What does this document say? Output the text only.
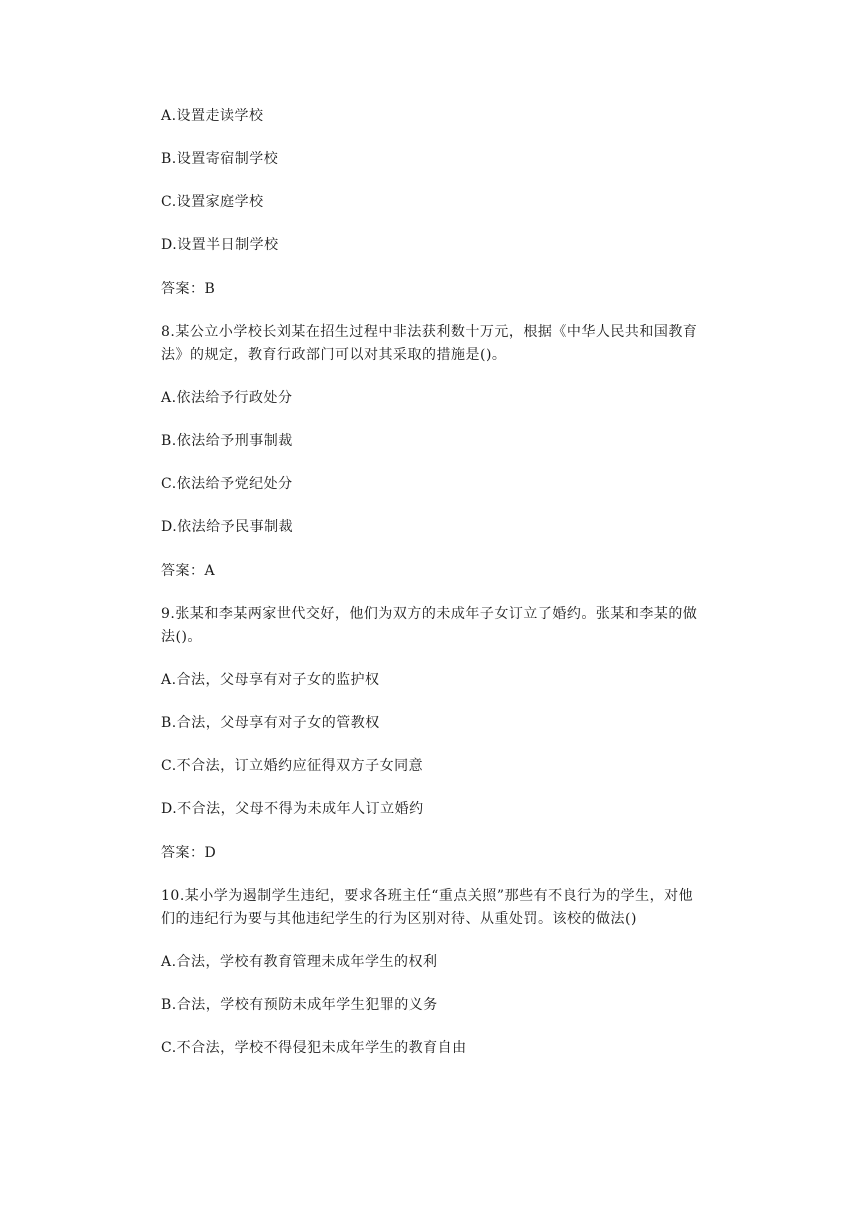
A.设置走读学校
B.设置寄宿制学校
C.设置家庭学校
D.设置半日制学校
答案：B
8.某公立小学校长刘某在招生过程中非法获利数十万元，根据《中华人民共和国教育
法》的规定，教育行政部门可以对其采取的措施是()。
A.依法给予行政处分
B.依法给予刑事制裁
C.依法给予党纪处分
D.依法给予民事制裁
答案：A
9.张某和李某两家世代交好，他们为双方的未成年子女订立了婚约。张某和李某的做
法()。
A.合法，父母享有对子女的监护权
B.合法，父母享有对子女的管教权
C.不合法，订立婚约应征得双方子女同意
D.不合法，父母不得为未成年人订立婚约
答案：D
10.某小学为遏制学生违纪，要求各班主任“重点关照”那些有不良行为的学生，对他
们的违纪行为要与其他违纪学生的行为区别对待、从重处罚。该校的做法()
A.合法，学校有教育管理未成年学生的权利
B.合法，学校有预防未成年学生犯罪的义务
C.不合法，学校不得侵犯未成年学生的教育自由
